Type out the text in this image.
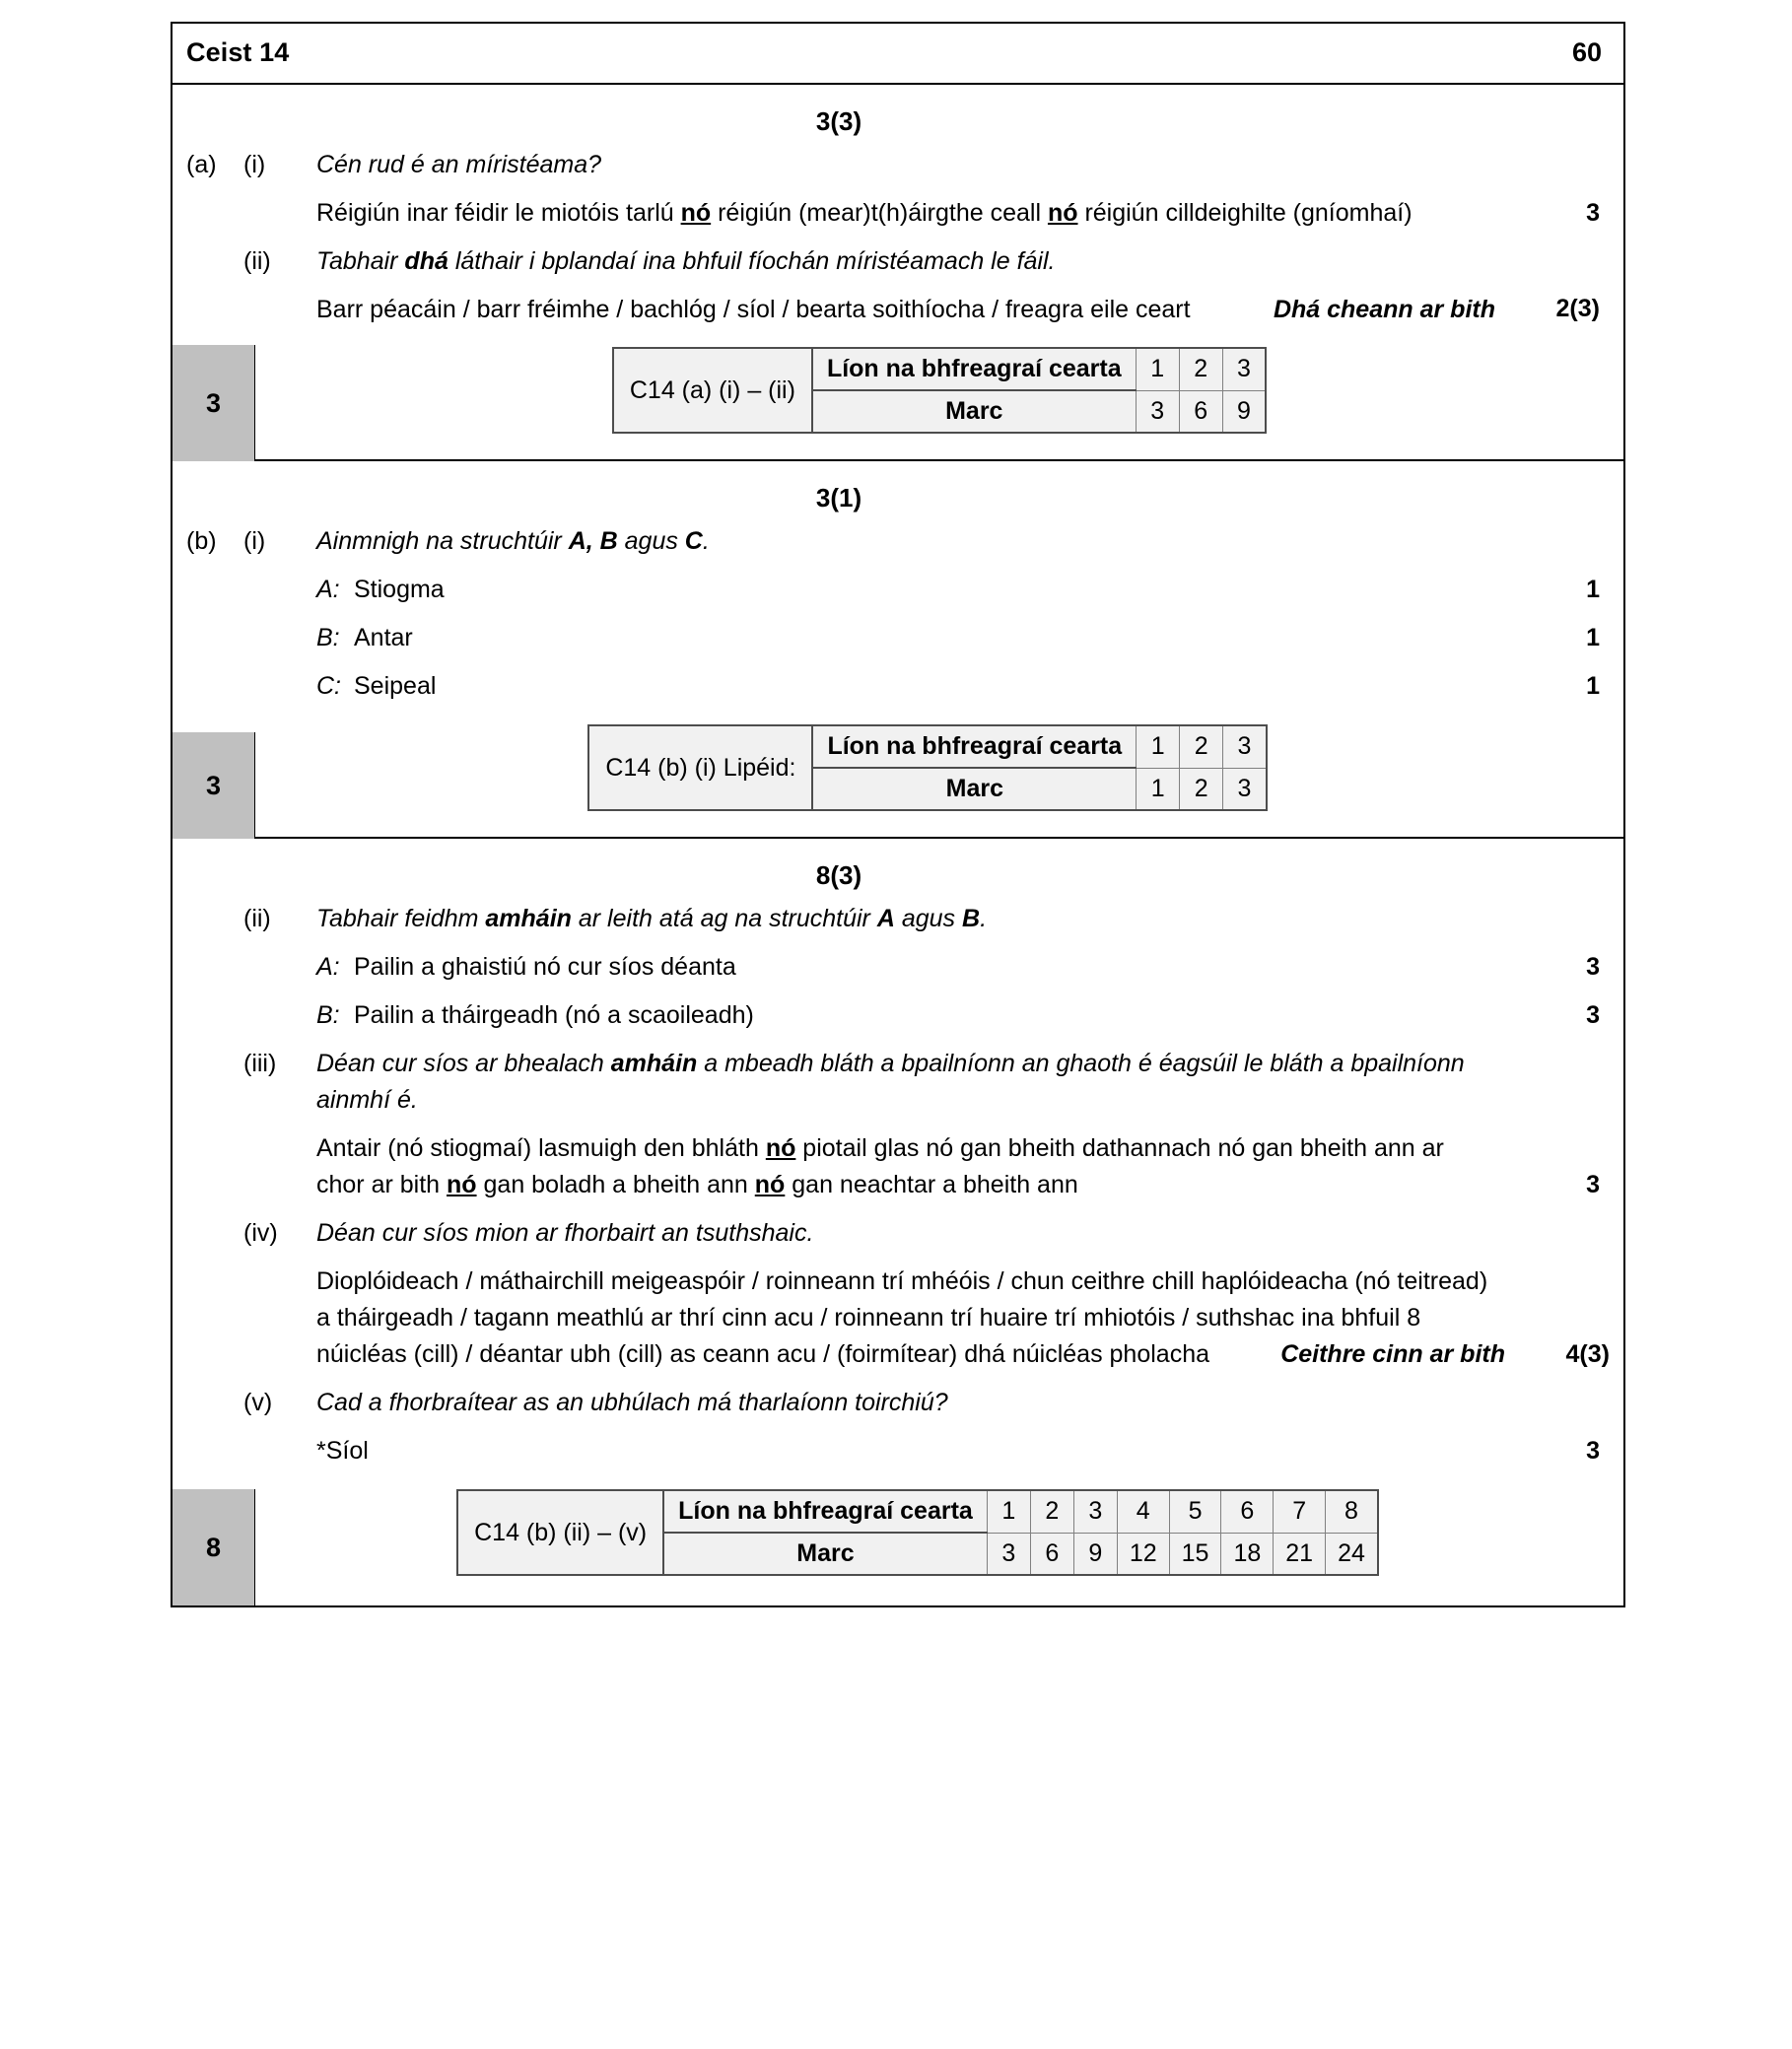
Ceist 14	60
3
3(3)
(a)	(i)	Cén rud é an míristéama?
Réigiún inar féidir le miotóis tarlú nó réigiún (mear)t(h)áirgthe ceall nó réigiún cilldeighilte (gníomhaí)	3
(ii)	Tabhair dhá láthair i bplandaí ina bhfuil fíochán míristéamach le fáil.
Barr péacáin / barr fréimhe / bachlóg / síol / bearta soithíocha / freagra eile ceart	Dhá cheann ar bith
	2(3)
C14 (a) (i) – (ii)	Líon na bhfreagraí cearta	1	2	3
	Marc	3	6	9
3
3(1)
(b)	(i)	Ainmnigh na struchtúir A, B agus C.
A: Stiogma	1
B: Antar	1
C: Seipeal	1
C14 (b) (i) Lipéid:	Líon na bhfreagraí cearta	1	2	3
	Marc	1	2	3
8
8(3)
(ii)	Tabhair feidhm amháin ar leith atá ag na struchtúir A agus B.
A: Pailin a ghaistiú nó cur síos déanta	3
B: Pailin a tháirgeadh (nó a scaoileadh)	3
(iii)	Déan cur síos ar bhealach amháin a mbeadh bláth a bpailníonn an ghaoth é éagsúil le bláth a bpailníonn ainmhí é.
Antair (nó stiogmaí) lasmuigh den bhláth nó piotail glas nó gan bheith dathannach nó gan bheith ann ar chor ar bith nó gan boladh a bheith ann nó gan neachtar a bheith ann	3
(iv)	Déan cur síos mion ar fhorbairt an tsuthshaic.
Dioplóideach / máthairchill meigeaspóir / roinneann trí mhéóis / chun ceithre chill haplóideacha (nó teitread) a tháirgeadh / tagann meathlú ar thrí cinn acu / roinneann trí huaire trí mhiotóis / suthshac ina bhfuil 8 núicléas (cill) / déantar ubh (cill) as ceann acu / (foirmítear) dhá núicléas pholacha	Ceithre cinn ar bith	4(3)
(v)	Cad a fhorbraítear as an ubhúlach má tharlaíonn toirchiú?
*Síol	3
C14 (b) (ii) – (v)	Líon na bhfreagraí cearta	1	2	3	4	5	6	7	8
	Marc	3	6	9	12	15	18	21	24
